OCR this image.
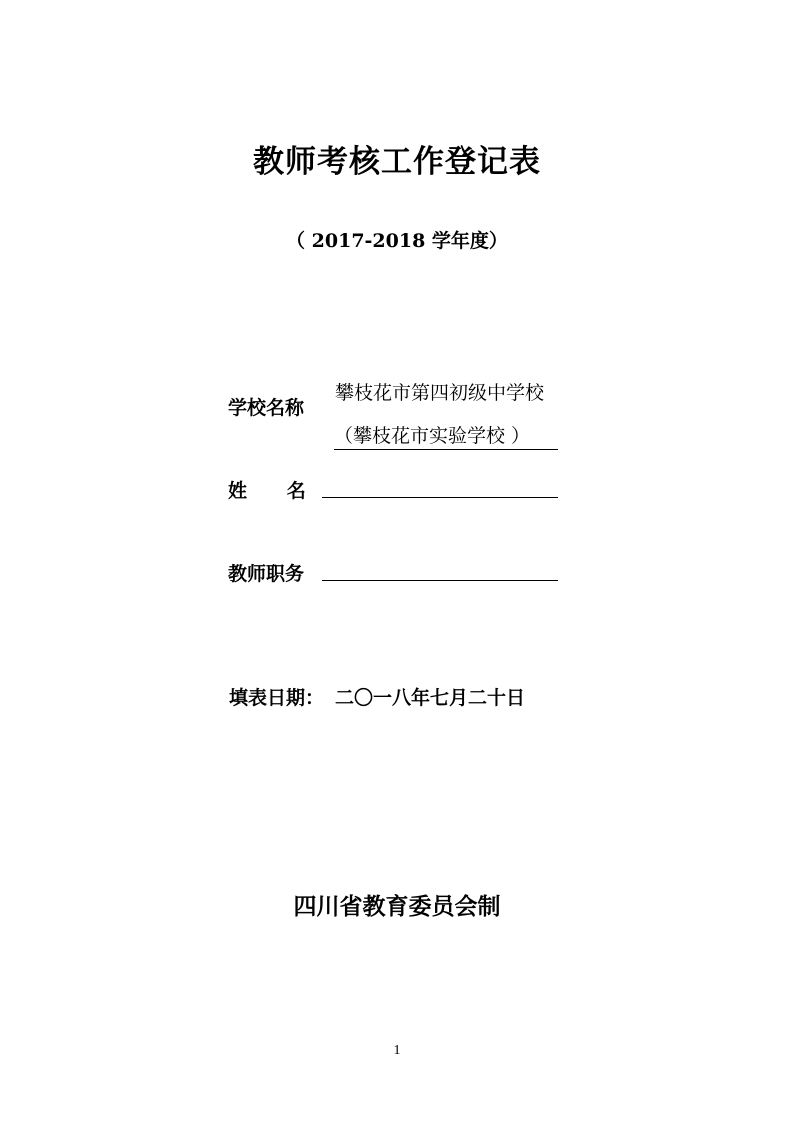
教师考核工作登记表
（ 2017-2018 学年度）
学校名称
攀枝花市第四初级中学校
（攀枝花市实验学校 ）
姓      名
教师职务
填表日期： 二〇一八年七月二十日
四川省教育委员会制
1
